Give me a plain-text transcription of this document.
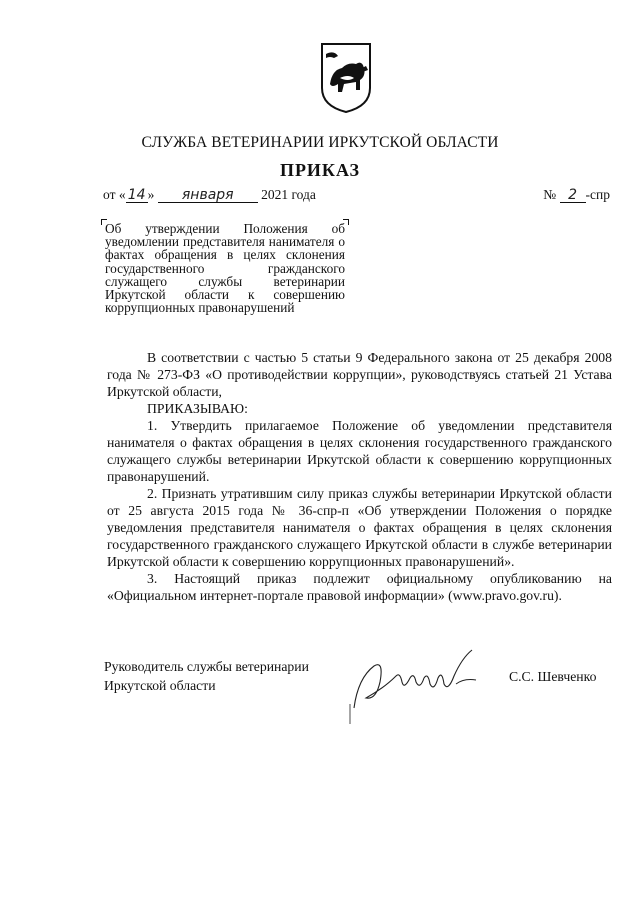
СЛУЖБА ВЕТЕРИНАРИИ ИРКУТСКОЙ ОБЛАСТИ
ПРИКАЗ
от « 14 » января 2021 года	№ 2 -спр
Об утверждении Положения об уведомлении представителя нанимателя о фактах обращения в целях склонения государственного гражданского служащего службы ветеринарии Иркутской области к совершению коррупционных правонарушений

В соответствии с частью 5 статьи 9 Федерального закона от 25 декабря 2008 года № 273-ФЗ «О противодействии коррупции», руководствуясь статьей 21 Устава Иркутской области,

ПРИКАЗЫВАЮ:

1. Утвердить прилагаемое Положение об уведомлении представителя нанимателя о фактах обращения в целях склонения государственного гражданского служащего службы ветеринарии Иркутской области к совершению коррупционных правонарушений.

2. Признать утратившим силу приказ службы ветеринарии Иркутской области от 25 августа 2015 года № 36-спр-п «Об утверждении Положения о порядке уведомления представителя нанимателя о фактах обращения в целях склонения государственного гражданского служащего Иркутской области в службе ветеринарии Иркутской области к совершению коррупционных правонарушений».

3. Настоящий приказ подлежит официальному опубликованию на «Официальном интернет-портале правовой информации» (www.pravo.gov.ru).

Руководитель службы ветеринарии
Иркутской области
С.С. Шевченко
